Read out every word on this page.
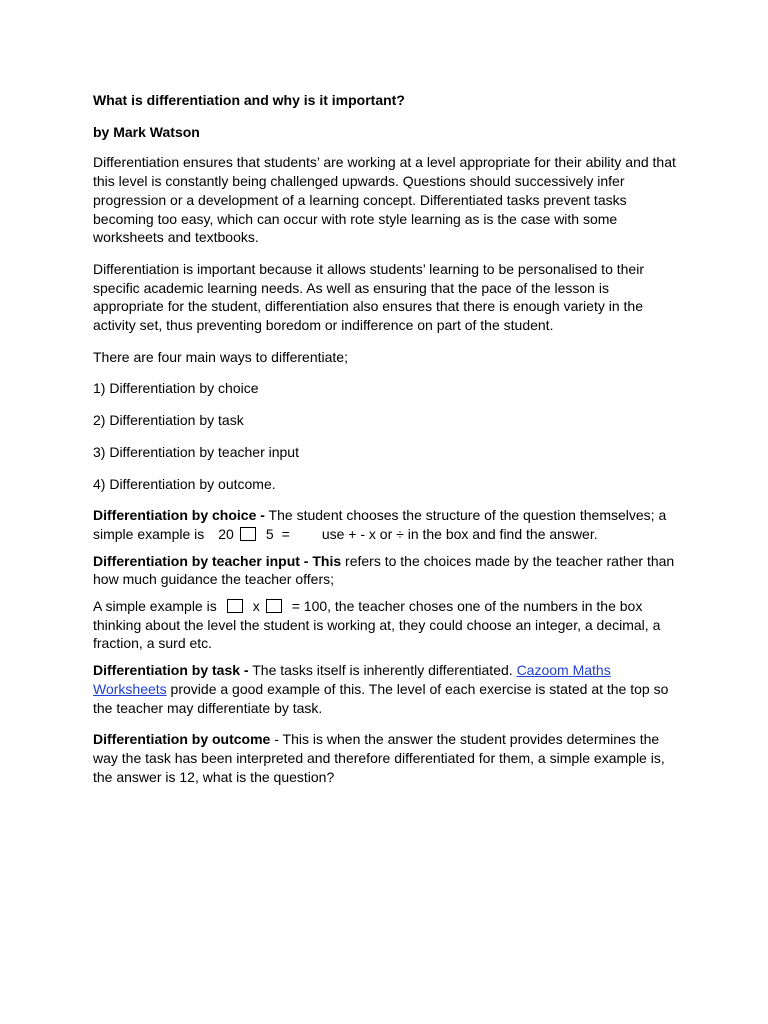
What is differentiation and why is it important?

by Mark Watson

Differentiation ensures that students’ are working at a level appropriate for their ability and that this level is constantly being challenged upwards. Questions should successively infer progression or a development of a learning concept. Differentiated tasks prevent tasks becoming too easy, which can occur with rote style learning as is the case with some worksheets and textbooks.

Differentiation is important because it allows students’ learning to be personalised to their specific academic learning needs. As well as ensuring that the pace of the lesson is appropriate for the student, differentiation also ensures that there is enough variety in the activity set, thus preventing boredom or indifference on part of the student.

There are four main ways to differentiate;

1) Differentiation by choice
2) Differentiation by task
3) Differentiation by teacher input
4) Differentiation by outcome.

Differentiation by choice - The student chooses the structure of the question themselves; a simple example is 20 5 = use + - x or ÷ in the box and find the answer.

Differentiation by teacher input - This refers to the choices made by the teacher rather than how much guidance the teacher offers;

A simple example is	x = 100, the teacher choses one of the numbers in the box thinking about the level the student is working at, they could choose an integer, a decimal, a fraction, a surd etc.

Differentiation by task - The tasks itself is inherently differentiated. Cazoom Maths Worksheets provide a good example of this. The level of each exercise is stated at the top so the teacher may differentiate by task.

Differentiation by outcome - This is when the answer the student provides determines the way the task has been interpreted and therefore differentiated for them, a simple example is, the answer is 12, what is the question?
